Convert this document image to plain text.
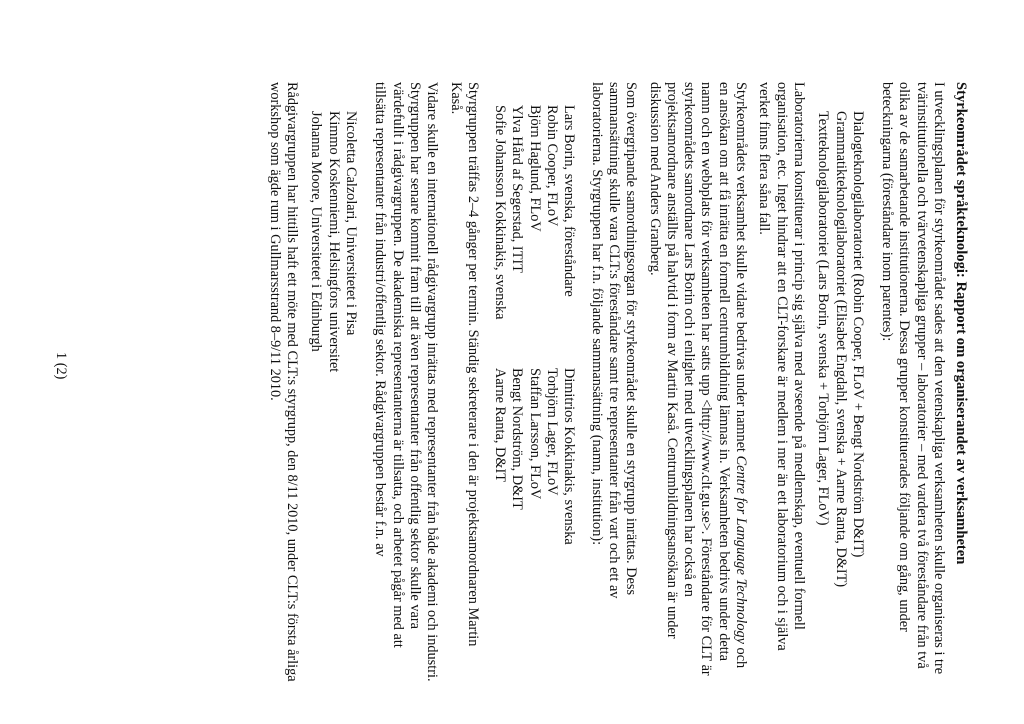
Styrkeområdet språkteknologi: Rapport om organiserandet av verksamheten

I utvecklingsplanen för styrkeområdet sades att den vetenskapliga verksamheten skulle organiseras i tre tvärinstitutionella och tvärvetenskapliga grupper – laboratorier – med vardera två föreståndare från två olika av de samarbetande institutionerna. Dessa grupper konstituerades följande om gång, under beteckningarna (föreståndare inom parentes):

Dialogteknologilaboratoriet (Robin Cooper, FLoV + Bengt Nordström D&IT)
Grammatikteknologilaboratoriet (Elisabet Engdahl, svenska + Aarne Ranta, D&IT)
Textteknologilaboratoriet (Lars Borin, svenska + Torbjörn Lager, FLoV)

Laboratorierna konstituerar i princip sig själva med avseende på medlemskap, eventuell formell organisation, etc. Inget hindrar att en CLT-forskare är medlem i mer än ett laboratorium och i själva verket finns flera såna fall.

Styrkeområdets verksamhet skulle vidare bedrivas under namnet Centre for Language Technology och en ansökan om att få inrätta en formell centrumbildning lämnas in. Verksamheten bedrivs under detta namn och en webbplats för verksamheten har satts upp <http://www.clt.gu.se>. Föreståndare för CLT är styrkeområdets samordnare Lars Borin och i enlighet med utvecklingsplanen har också en projektsamordnare anställts på halvtid i form av Martin Kaså. Centrumbildningsansökan är under diskussion med Anders Granberg.

Som övergripande samordningsorgan för styrkeområdet skulle en styrgrupp inrättas. Dess sammansättning skulle vara CLT:s föreståndare samt tre representanter från vart och ett av laboratorierna. Styrgruppen har f.n. följande sammansättning (namn, institution):

Lars Borin, svenska, föreståndare
Robin Cooper, FLoV
Björn Haglund, FLoV
Ylva Hård af Segerstad, ITIT
Sofie Johansson Kokkinakis, svenska
Dimitrios Kokkinakis, svenska
Torbjörn Lager, FLoV
Staffan Larsson, FLoV
Bengt Nordström, D&IT
Aarne Ranta, D&IT

Styrgruppen träffas 2–4 gånger per termin. Ständig sekreterare i den är projektsamordnaren Martin Kaså.

Vidare skulle en internationell rådgivargrupp inrättas med representanter från både akademi och industri. Styrgruppen har senare kommit fram till att även representanter från offentlig sektor skulle vara värdefullt i rådgivargruppen. De akademiska representanterna är tillsatta, och arbetet pågår med att tillsätta representanter från industri/offentlig sektor. Rådgivargruppen består f.n. av

Nicoletta Calzolari, Universitetet i Pisa
Kimmo Koskenniemi, Helsingfors universitet
Johanna Moore, Universitetet i Edinburgh

Rådgivargruppen har hittills haft ett möte med CLT:s styrgrupp, den 8/11 2010, under CLT:s första årliga workshop som ägde rum i Gullmarsstrand 8–9/11 2010.

1 (2)
